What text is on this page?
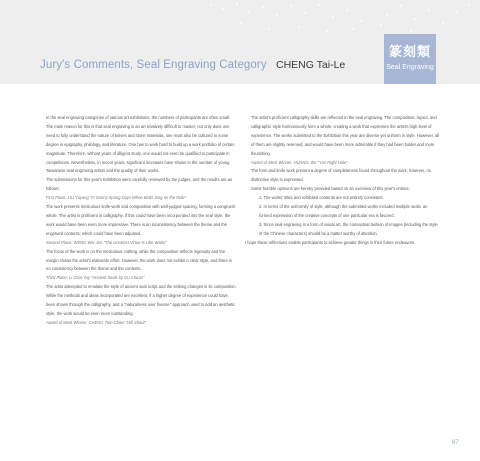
Jury's Comments, Seal Engraving Category CHENG Tai-Le
篆刻類
Seal Engraving

In the seal engraving categories of various art exhibitions, the numbers of participants are often small. The main reason for this is that seal engraving is an art relatively difficult to master; not only does one need to fully understand the nature of knives and stone materials, one must also be cultured to some degree in epigraphy, philology, and literature. One has to work hard to build up a work portfolio of certain magnitude. Therefore, without years of diligent study, one would not even be qualified to participate in competitions. Nevertheless, in recent years, significant increases have shown in the number of young Taiwanese seal engraving artists and the quality of their works.

The submissions for this year's Exhibition were carefully reviewed by the judges, and the results are as follows:

First Place: LIU Yuyang "In Sunny Spring Days When Birds Sing on the Ride"

The work presents meticulous knife-work and composition with well-judged spacing, forming a congruent whole. The artist is proficient in calligraphy. If this could have been incorporated into the seal style, the work would have been even more impressive. There is an inconsistency between the theme and the engraved contents, which could have been adjusted.

Second Place: WENG Wei-Jen "The Greatest Virtue is Like Water"

The focus of the work is on the meticulous crafting, while the composition reflects ingenuity and the margin shows the artist's elaborate effort. However, the work does not exhibit a clear style, and there is no consistency between the theme and the contents.

Third Place: Li Chia-Yuy "Ancient Seals by Gu Chuan"

The artist attempted to emulate the style of ancient seal script and the striking changes in its composition. While the methods and ideas incorporated are excellent, if a higher degree of experience could have been shown through the calligraphy, and a "naturalness over finesse" approach used to add an aesthetic style, the work would be even more outstanding.

Award of Merit Winner: CHENG Tien-Chien "Hill Shout"

The artist's proficient calligraphy skills are reflected in the seal engraving. The composition, layout, and calligraphic style harmoniously form a whole, creating a work that expresses the artist's high level of experience. The works submitted to the Exhibition this year are diverse yet uniform in style. However, all of them are slightly reserved, and would have been more admirable if they had been bolder and more flourishing.

Award of Merit Winner: HUANG, the "Yan Right Hole"

The form and knife work present a degree of completeness found throughout the work; however, no distinctive style is expressed.

Some humble opinions are hereby provided based on an overview of this year's entries:

1. The works' titles and exhibited contents are not entirely consistent.

2. In terms of the uniformity of style, although the submitted works included multiple seals, an formed expression of the creative concepts of one particular era is favored.

3. Since seal engraving is a form of visual art, the conceptual fashion of images (including the style of the Chinese characters) should be a matter worthy of attention.

I hope these reflections enable participants to achieve greater things in their future endeavors.

67
